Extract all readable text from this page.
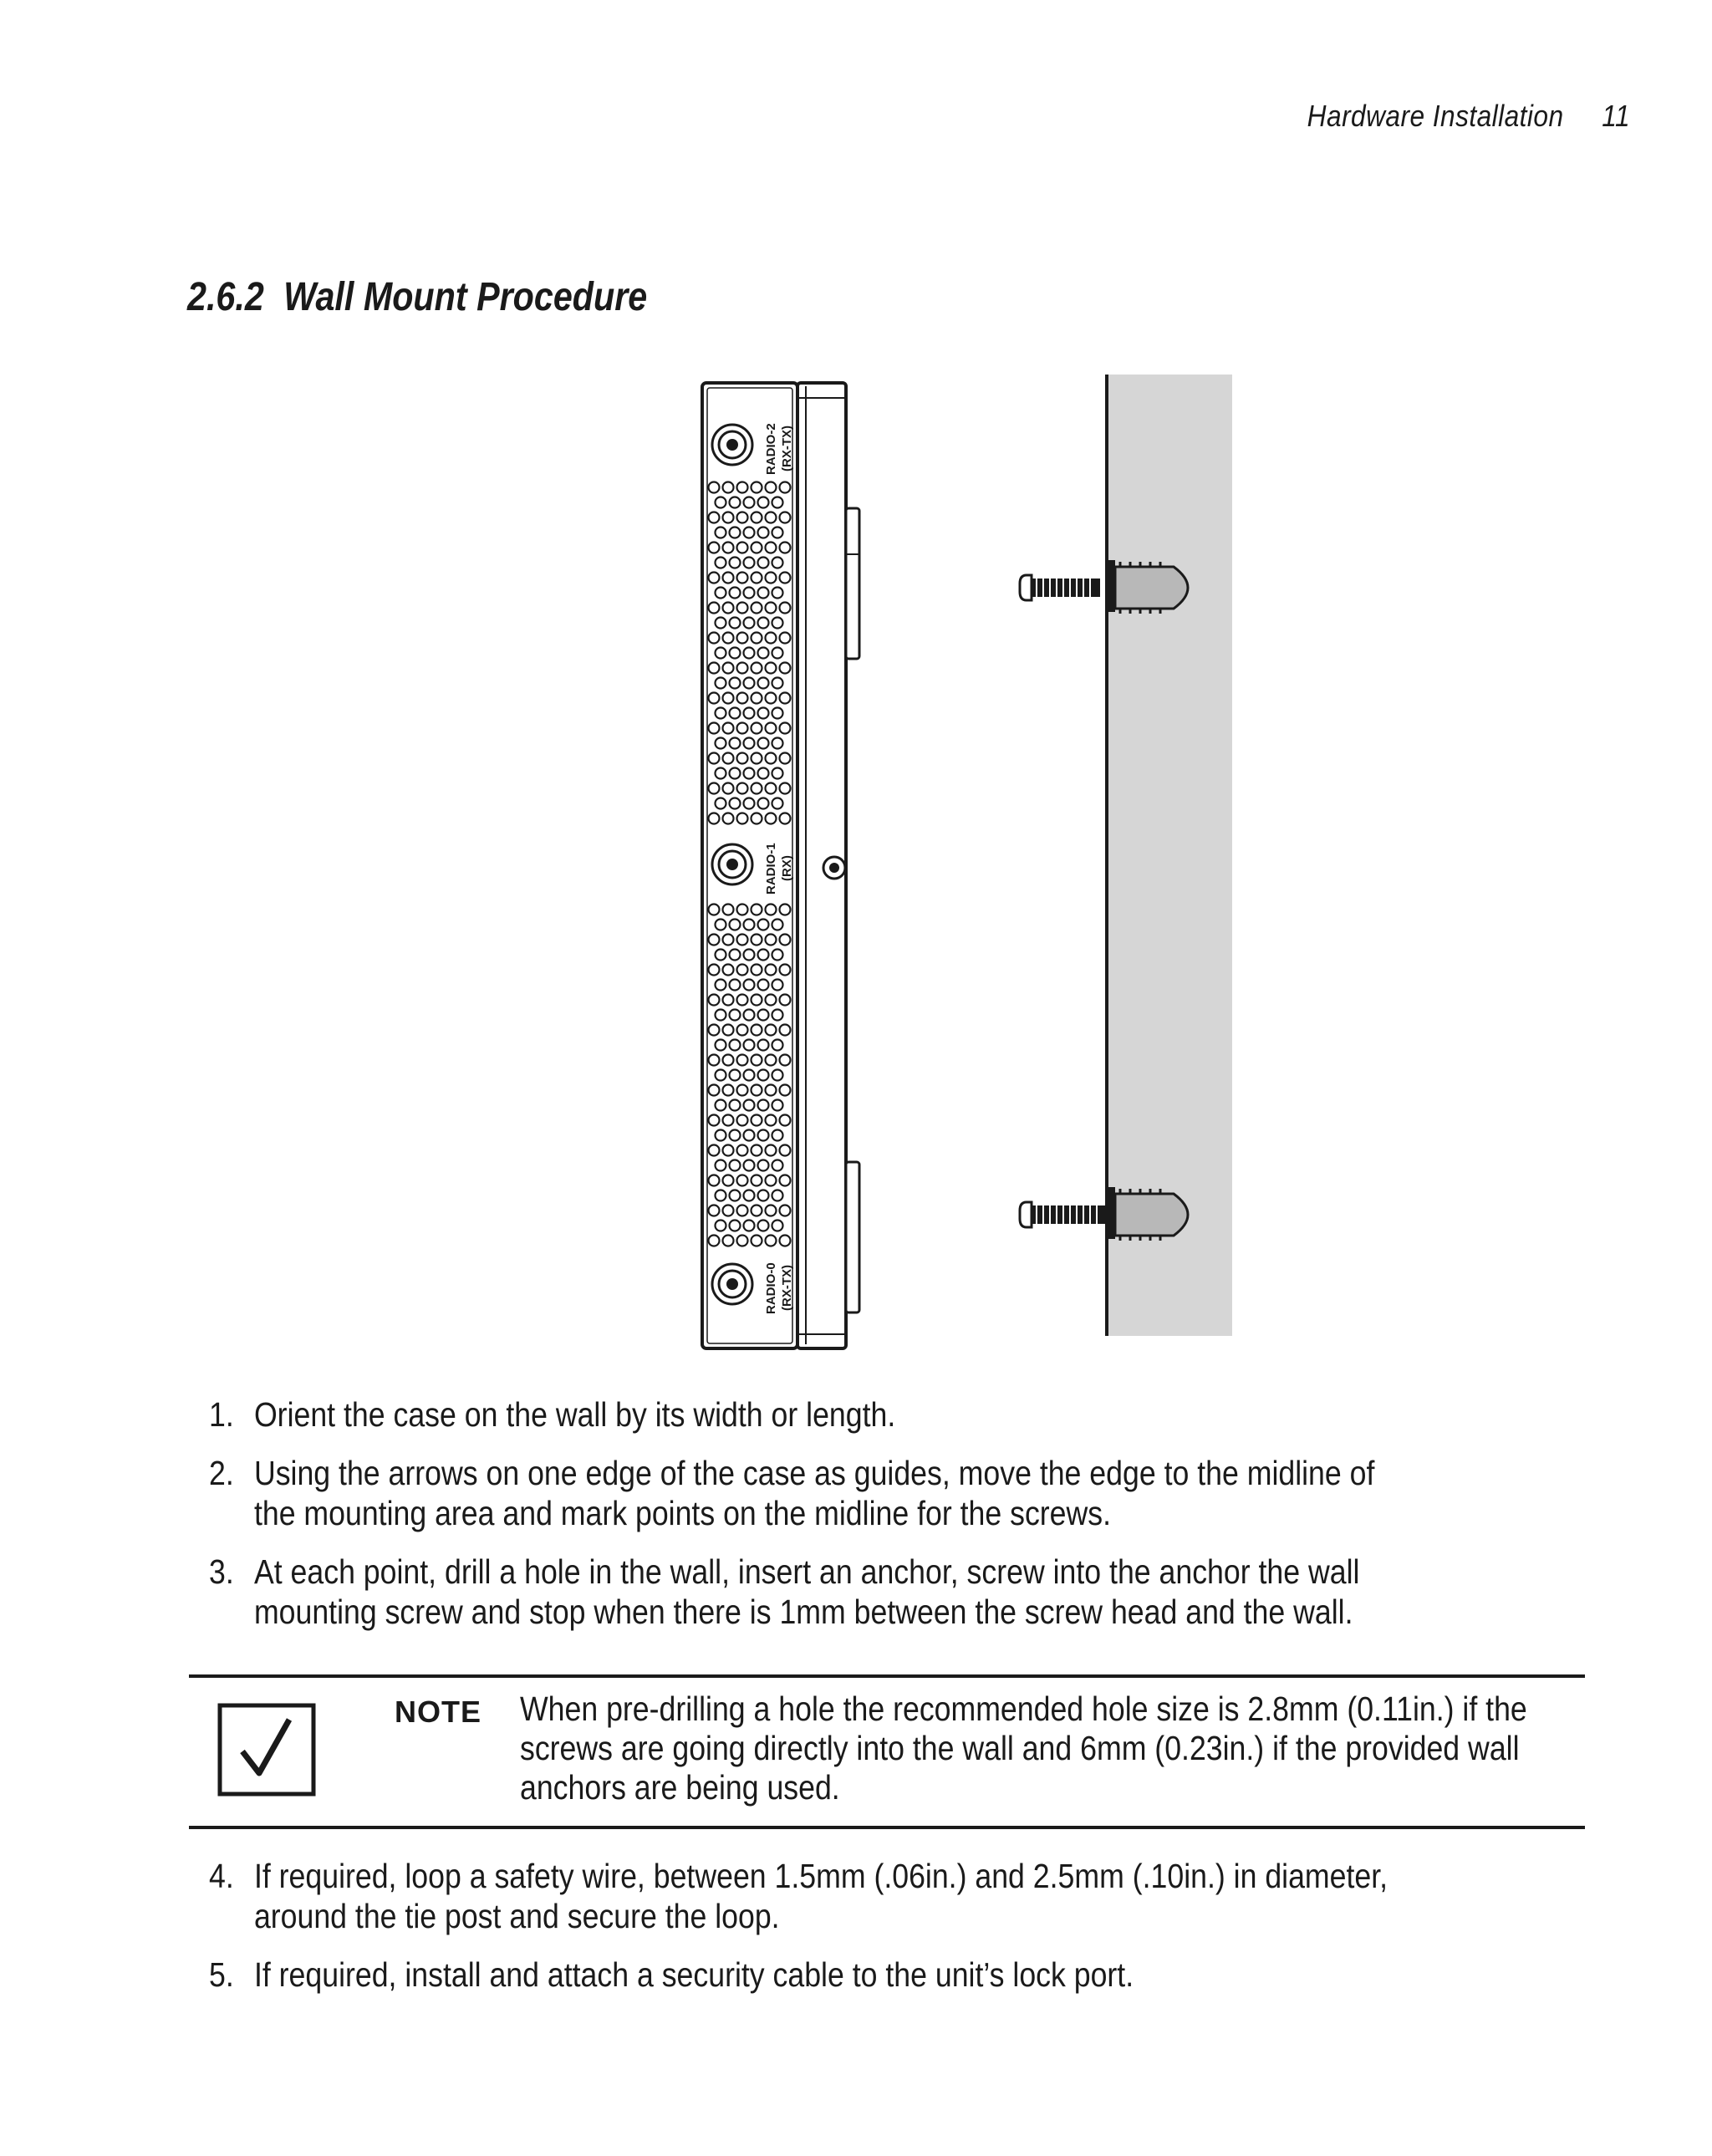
Hardware Installation 11
2.6.2 Wall Mount Procedure
RADIO-2 (RX-TX)
RADIO-1 (RX)
RADIO-0 (RX-TX)
1. Orient the case on the wall by its width or length.
2. Using the arrows on one edge of the case as guides, move the edge to the midline of the mounting area and mark points on the midline for the screws.
3. At each point, drill a hole in the wall, insert an anchor, screw into the anchor the wall mounting screw and stop when there is 1mm between the screw head and the wall.
NOTE When pre-drilling a hole the recommended hole size is 2.8mm (0.11in.) if the screws are going directly into the wall and 6mm (0.23in.) if the provided wall anchors are being used.
4. If required, loop a safety wire, between 1.5mm (.06in.) and 2.5mm (.10in.) in diameter, around the tie post and secure the loop.
5. If required, install and attach a security cable to the unit’s lock port.
